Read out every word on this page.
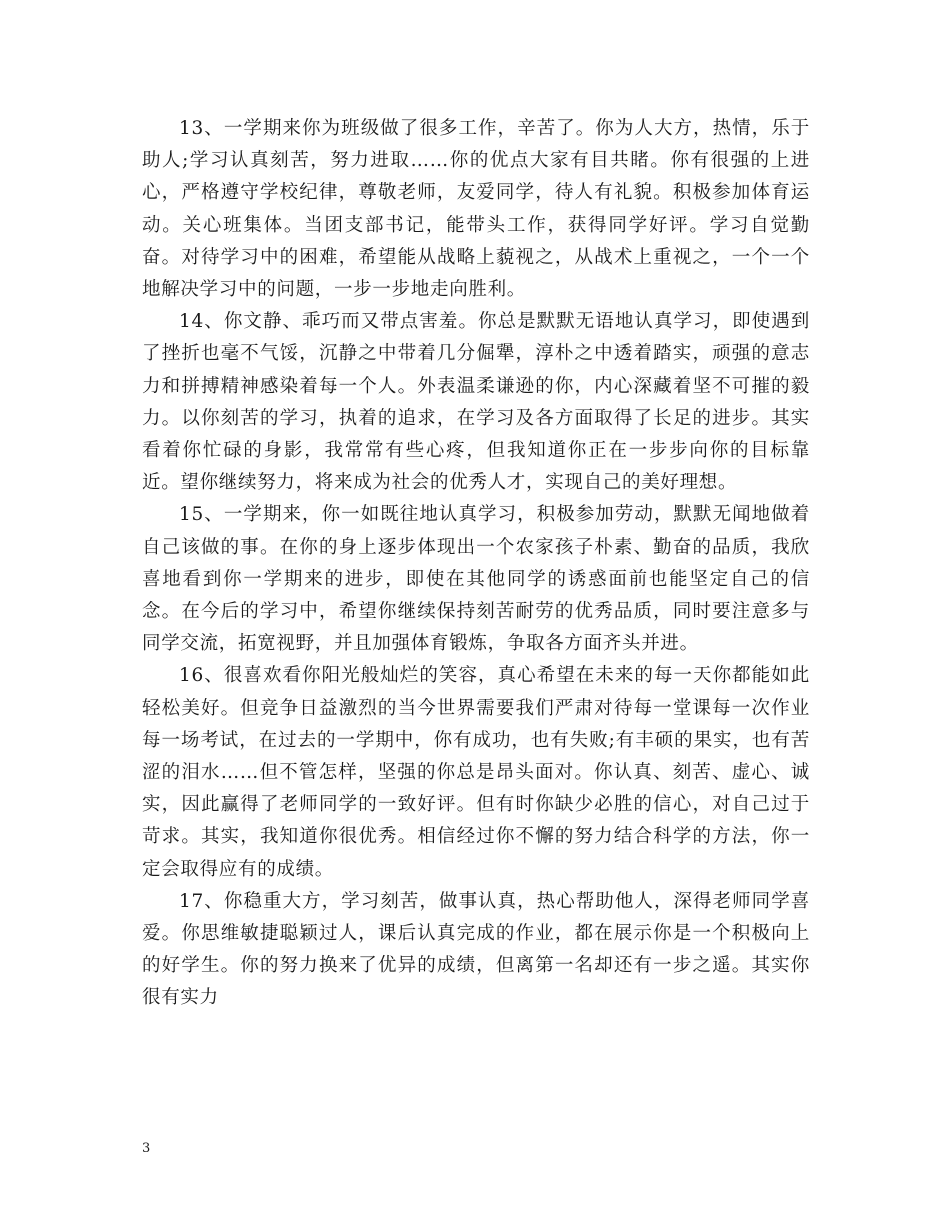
13、一学期来你为班级做了很多工作，辛苦了。你为人大方，热情，乐于助人;学习认真刻苦，努力进取……你的优点大家有目共睹。你有很强的上进心，严格遵守学校纪律，尊敬老师，友爱同学，待人有礼貌。积极参加体育运动。关心班集体。当团支部书记，能带头工作，获得同学好评。学习自觉勤奋。对待学习中的困难，希望能从战略上藐视之，从战术上重视之，一个一个地解决学习中的问题，一步一步地走向胜利。

14、你文静、乖巧而又带点害羞。你总是默默无语地认真学习，即使遇到了挫折也毫不气馁，沉静之中带着几分倔犟，淳朴之中透着踏实，顽强的意志力和拼搏精神感染着每一个人。外表温柔谦逊的你，内心深藏着坚不可摧的毅力。以你刻苦的学习，执着的追求，在学习及各方面取得了长足的进步。其实看着你忙碌的身影，我常常有些心疼，但我知道你正在一步步向你的目标靠近。望你继续努力，将来成为社会的优秀人才，实现自己的美好理想。

15、一学期来，你一如既往地认真学习，积极参加劳动，默默无闻地做着自己该做的事。在你的身上逐步体现出一个农家孩子朴素、勤奋的品质，我欣喜地看到你一学期来的进步，即使在其他同学的诱惑面前也能坚定自己的信念。在今后的学习中，希望你继续保持刻苦耐劳的优秀品质，同时要注意多与同学交流，拓宽视野，并且加强体育锻炼，争取各方面齐头并进。

16、很喜欢看你阳光般灿烂的笑容，真心希望在未来的每一天你都能如此轻松美好。但竞争日益激烈的当今世界需要我们严肃对待每一堂课每一次作业每一场考试，在过去的一学期中，你有成功，也有失败;有丰硕的果实，也有苦涩的泪水……但不管怎样，坚强的你总是昂头面对。你认真、刻苦、虚心、诚实，因此赢得了老师同学的一致好评。但有时你缺少必胜的信心，对自己过于苛求。其实，我知道你很优秀。相信经过你不懈的努力结合科学的方法，你一定会取得应有的成绩。

17、你稳重大方，学习刻苦，做事认真，热心帮助他人，深得老师同学喜爱。你思维敏捷聪颖过人，课后认真完成的作业，都在展示你是一个积极向上的好学生。你的努力换来了优异的成绩，但离第一名却还有一步之遥。其实你很有实力

3
